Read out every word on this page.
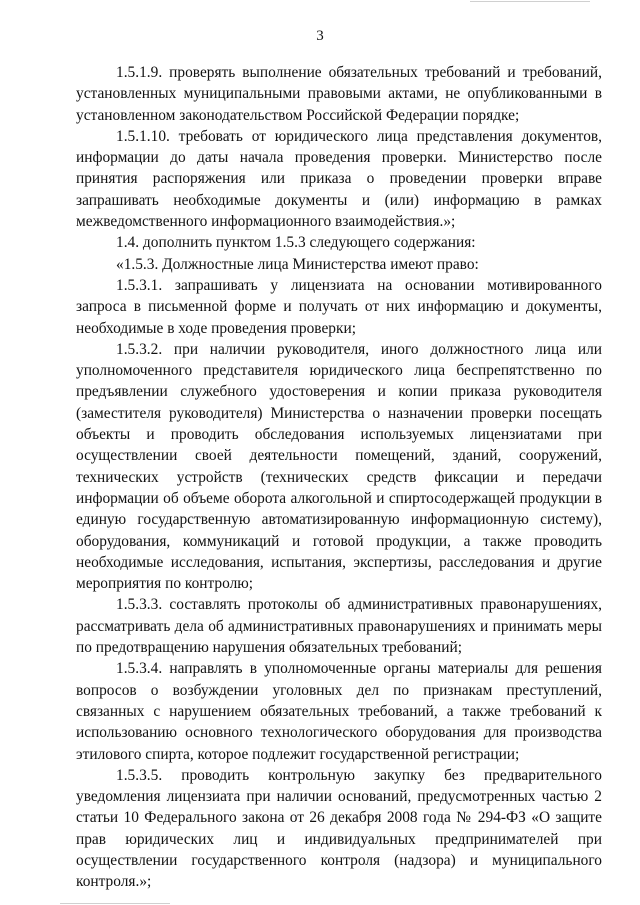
3

1.5.1.9. проверять выполнение обязательных требований и требований, установленных муниципальными правовыми актами, не опубликованными в установленном законодательством Российской Федерации порядке;

1.5.1.10. требовать от юридического лица представления документов, информации до даты начала проведения проверки. Министерство после принятия распоряжения или приказа о проведении проверки вправе запрашивать необходимые документы и (или) информацию в рамках межведомственного информационного взаимодействия.»;

1.4. дополнить пунктом 1.5.3 следующего содержания:

«1.5.3. Должностные лица Министерства имеют право:

1.5.3.1. запрашивать у лицензиата на основании мотивированного запроса в письменной форме и получать от них информацию и документы, необходимые в ходе проведения проверки;

1.5.3.2. при наличии руководителя, иного должностного лица или уполномоченного представителя юридического лица беспрепятственно по предъявлении служебного удостоверения и копии приказа руководителя (заместителя руководителя) Министерства о назначении проверки посещать объекты и проводить обследования используемых лицензиатами при осуществлении своей деятельности помещений, зданий, сооружений, технических устройств (технических средств фиксации и передачи информации об объеме оборота алкогольной и спиртосодержащей продукции в единую государственную автоматизированную информационную систему), оборудования, коммуникаций и готовой продукции, а также проводить необходимые исследования, испытания, экспертизы, расследования и другие мероприятия по контролю;

1.5.3.3. составлять протоколы об административных правонарушениях, рассматривать дела об административных правонарушениях и принимать меры по предотвращению нарушения обязательных требований;

1.5.3.4. направлять в уполномоченные органы материалы для решения вопросов о возбуждении уголовных дел по признакам преступлений, связанных с нарушением обязательных требований, а также требований к использованию основного технологического оборудования для производства этилового спирта, которое подлежит государственной регистрации;

1.5.3.5. проводить контрольную закупку без предварительного уведомления лицензиата при наличии оснований, предусмотренных частью 2 статьи 10 Федерального закона от 26 декабря 2008 года № 294-ФЗ «О защите прав юридических лиц и индивидуальных предпринимателей при осуществлении государственного контроля (надзора) и муниципального контроля.»;
